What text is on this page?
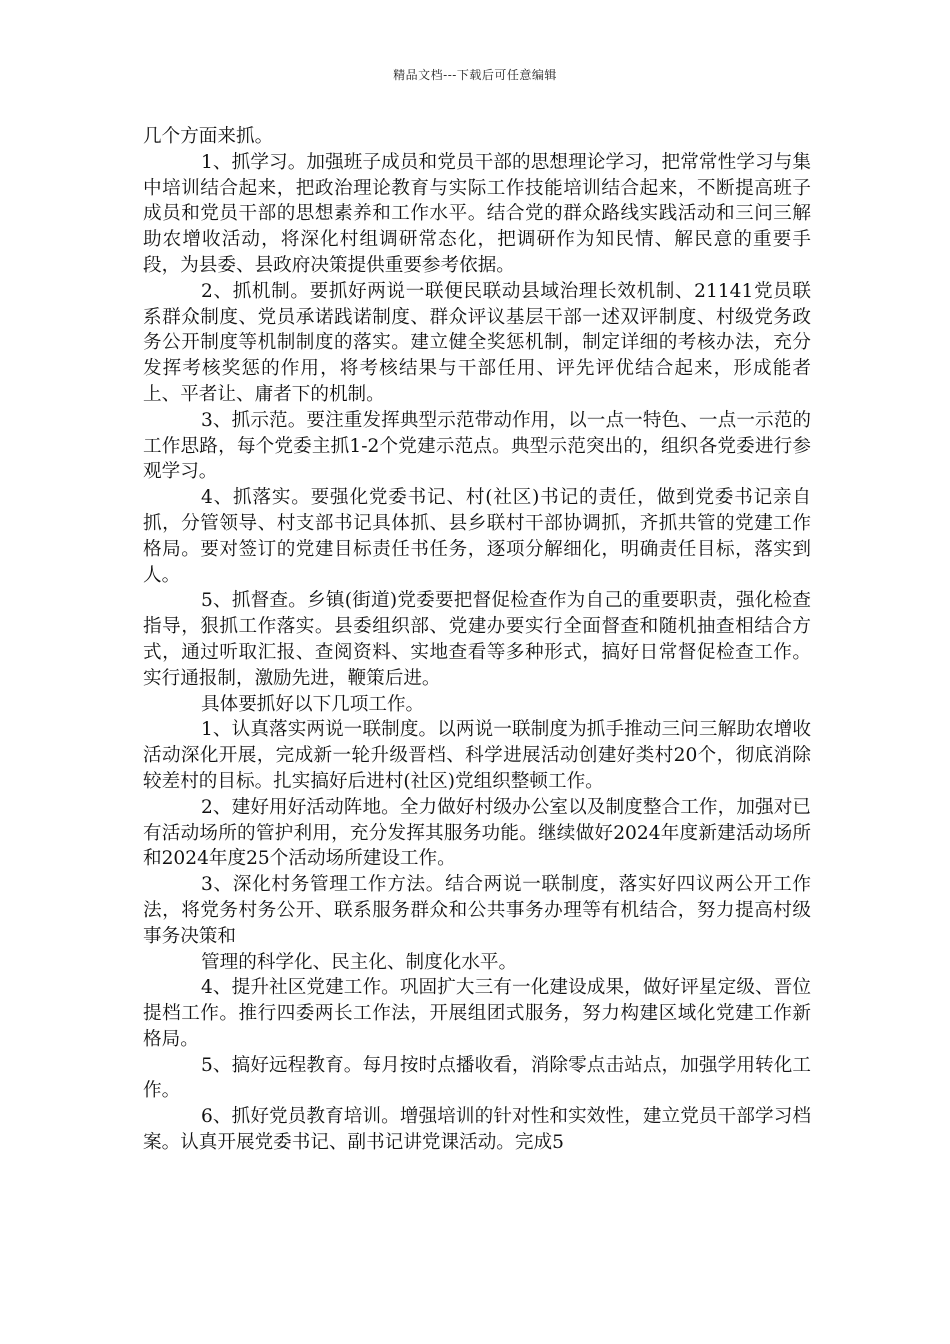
精品文档---下载后可任意编辑

几个方面来抓。

1、抓学习。加强班子成员和党员干部的思想理论学习，把常常性学习与集中培训结合起来，把政治理论教育与实际工作技能培训结合起来，不断提高班子成员和党员干部的思想素养和工作水平。结合党的群众路线实践活动和三问三解助农增收活动，将深化村组调研常态化，把调研作为知民情、解民意的重要手段，为县委、县政府决策提供重要参考依据。

2、抓机制。要抓好两说一联便民联动县域治理长效机制、21141党员联系群众制度、党员承诺践诺制度、群众评议基层干部一述双评制度、村级党务政务公开制度等机制制度的落实。建立健全奖惩机制，制定详细的考核办法，充分发挥考核奖惩的作用，将考核结果与干部任用、评先评优结合起来，形成能者上、平者让、庸者下的机制。

3、抓示范。要注重发挥典型示范带动作用，以一点一特色、一点一示范的工作思路，每个党委主抓1-2个党建示范点。典型示范突出的，组织各党委进行参观学习。

4、抓落实。要强化党委书记、村(社区)书记的责任，做到党委书记亲自抓，分管领导、村支部书记具体抓、县乡联村干部协调抓，齐抓共管的党建工作格局。要对签订的党建目标责任书任务，逐项分解细化，明确责任目标，落实到人。

5、抓督查。乡镇(街道)党委要把督促检查作为自己的重要职责，强化检查指导，狠抓工作落实。县委组织部、党建办要实行全面督查和随机抽查相结合方式，通过听取汇报、查阅资料、实地查看等多种形式，搞好日常督促检查工作。实行通报制，激励先进，鞭策后进。

具体要抓好以下几项工作。

1、认真落实两说一联制度。以两说一联制度为抓手推动三问三解助农增收活动深化开展，完成新一轮升级晋档、科学进展活动创建好类村20个，彻底消除较差村的目标。扎实搞好后进村(社区)党组织整顿工作。

2、建好用好活动阵地。全力做好村级办公室以及制度整合工作，加强对已有活动场所的管护利用，充分发挥其服务功能。继续做好2024年度新建活动场所和2024年度25个活动场所建设工作。

3、深化村务管理工作方法。结合两说一联制度，落实好四议两公开工作法，将党务村务公开、联系服务群众和公共事务办理等有机结合，努力提高村级事务决策和

管理的科学化、民主化、制度化水平。

4、提升社区党建工作。巩固扩大三有一化建设成果，做好评星定级、晋位提档工作。推行四委两长工作法，开展组团式服务，努力构建区域化党建工作新格局。

5、搞好远程教育。每月按时点播收看，消除零点击站点，加强学用转化工作。

6、抓好党员教育培训。增强培训的针对性和实效性，建立党员干部学习档案。认真开展党委书记、副书记讲党课活动。完成5
